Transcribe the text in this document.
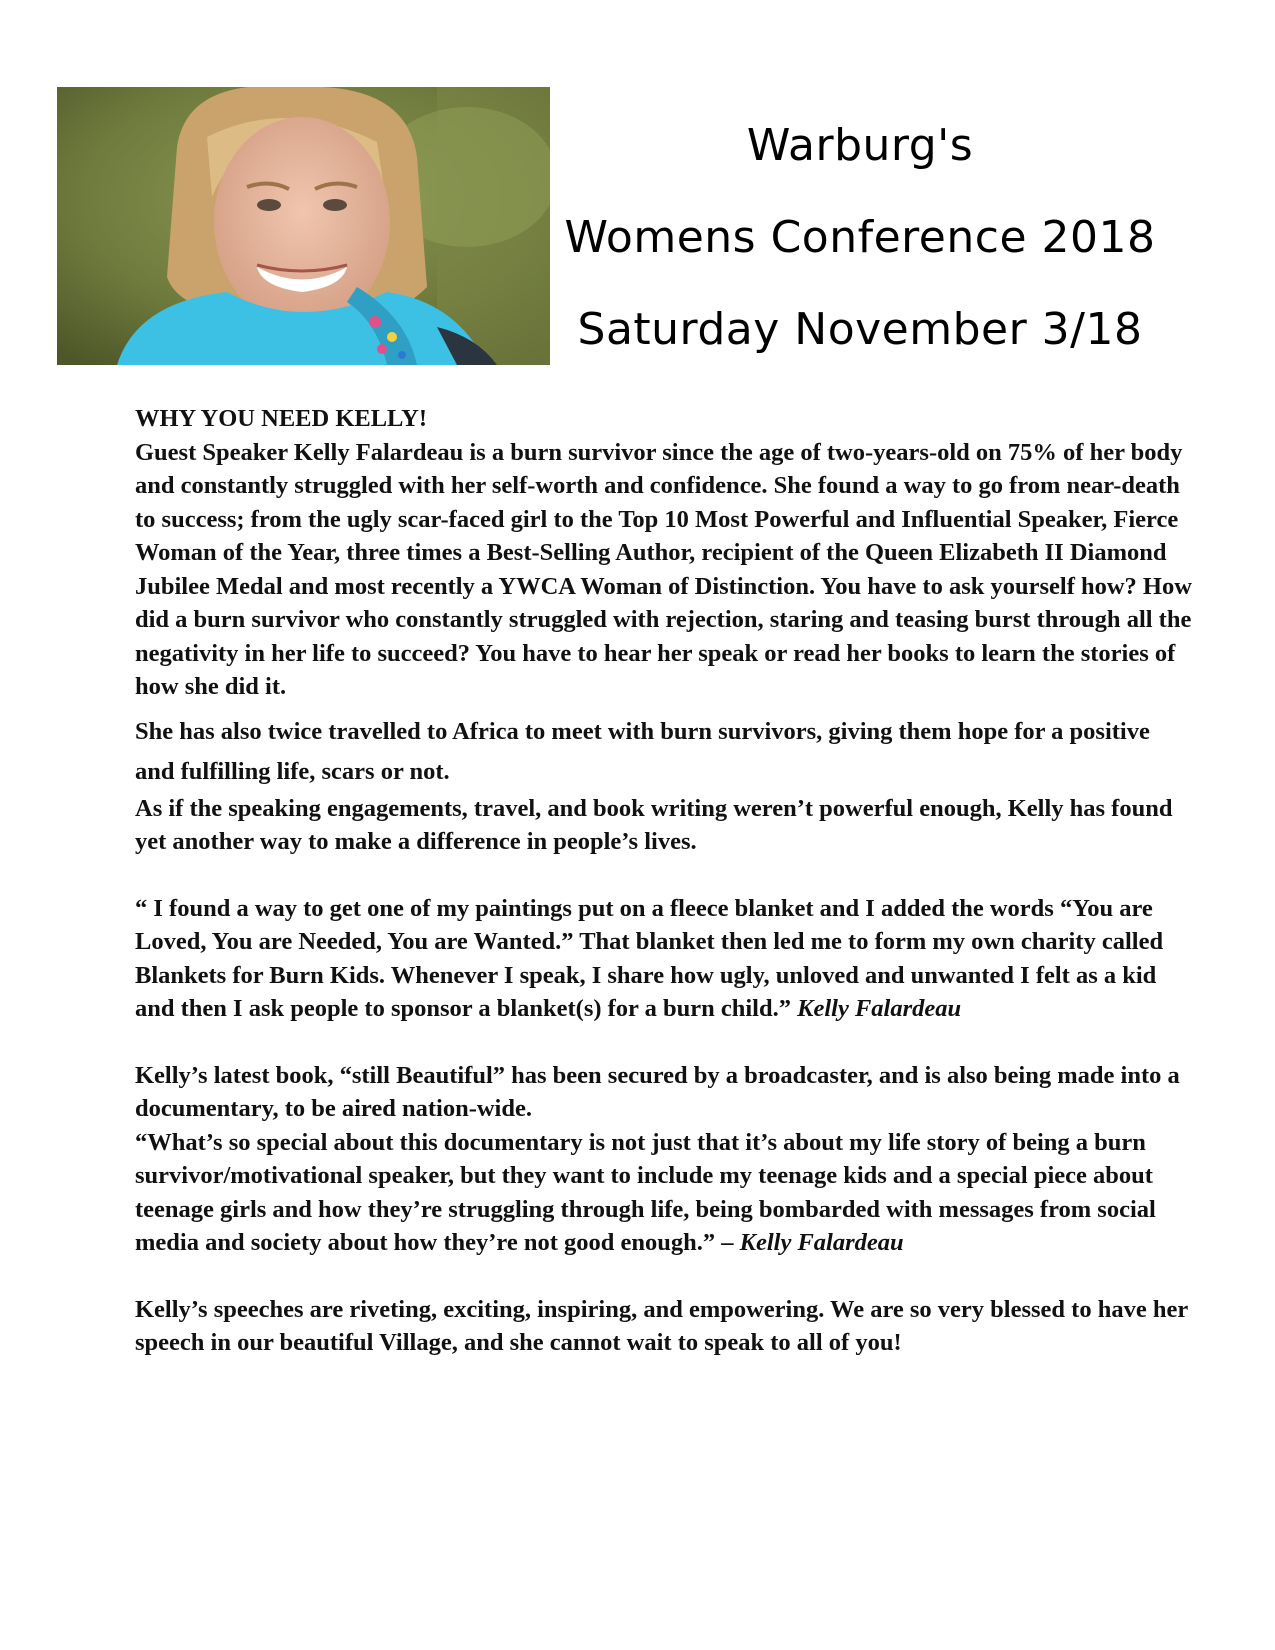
Warburg's
Womens Conference 2018
Saturday November 3/18

WHY YOU NEED KELLY!

Guest Speaker Kelly Falardeau is a burn survivor since the age of two-years-old on 75% of her body and constantly struggled with her self-worth and confidence. She found a way to go from near-death to success; from the ugly scar-faced girl to the Top 10 Most Powerful and Influential Speaker, Fierce Woman of the Year, three times a Best-Selling Author, recipient of the Queen Elizabeth II Diamond Jubilee Medal and most recently a YWCA Woman of Distinction. You have to ask yourself how? How did a burn survivor who constantly struggled with rejection, staring and teasing burst through all the negativity in her life to succeed? You have to hear her speak or read her books to learn the stories of how she did it.

She has also twice travelled to Africa to meet with burn survivors, giving them hope for a positive and fulfilling life, scars or not.

As if the speaking engagements, travel, and book writing weren’t powerful enough, Kelly has found yet another way to make a difference in people’s lives.

“ I found a way to get one of my paintings put on a fleece blanket and I added the words “You are Loved, You are Needed, You are Wanted.” That blanket then led me to form my own charity called Blankets for Burn Kids. Whenever I speak, I share how ugly, unloved and unwanted I felt as a kid and then I ask people to sponsor a blanket(s) for a burn child.” Kelly Falardeau

Kelly’s latest book, “still Beautiful” has been secured by a broadcaster, and is also being made into a documentary, to be aired nation-wide.

“What’s so special about this documentary is not just that it’s about my life story of being a burn survivor/motivational speaker, but they want to include my teenage kids and a special piece about teenage girls and how they’re struggling through life, being bombarded with messages from social media and society about how they’re not good enough.” – Kelly Falardeau

Kelly’s speeches are riveting, exciting, inspiring, and empowering. We are so very blessed to have her speech in our beautiful Village, and she cannot wait to speak to all of you!
